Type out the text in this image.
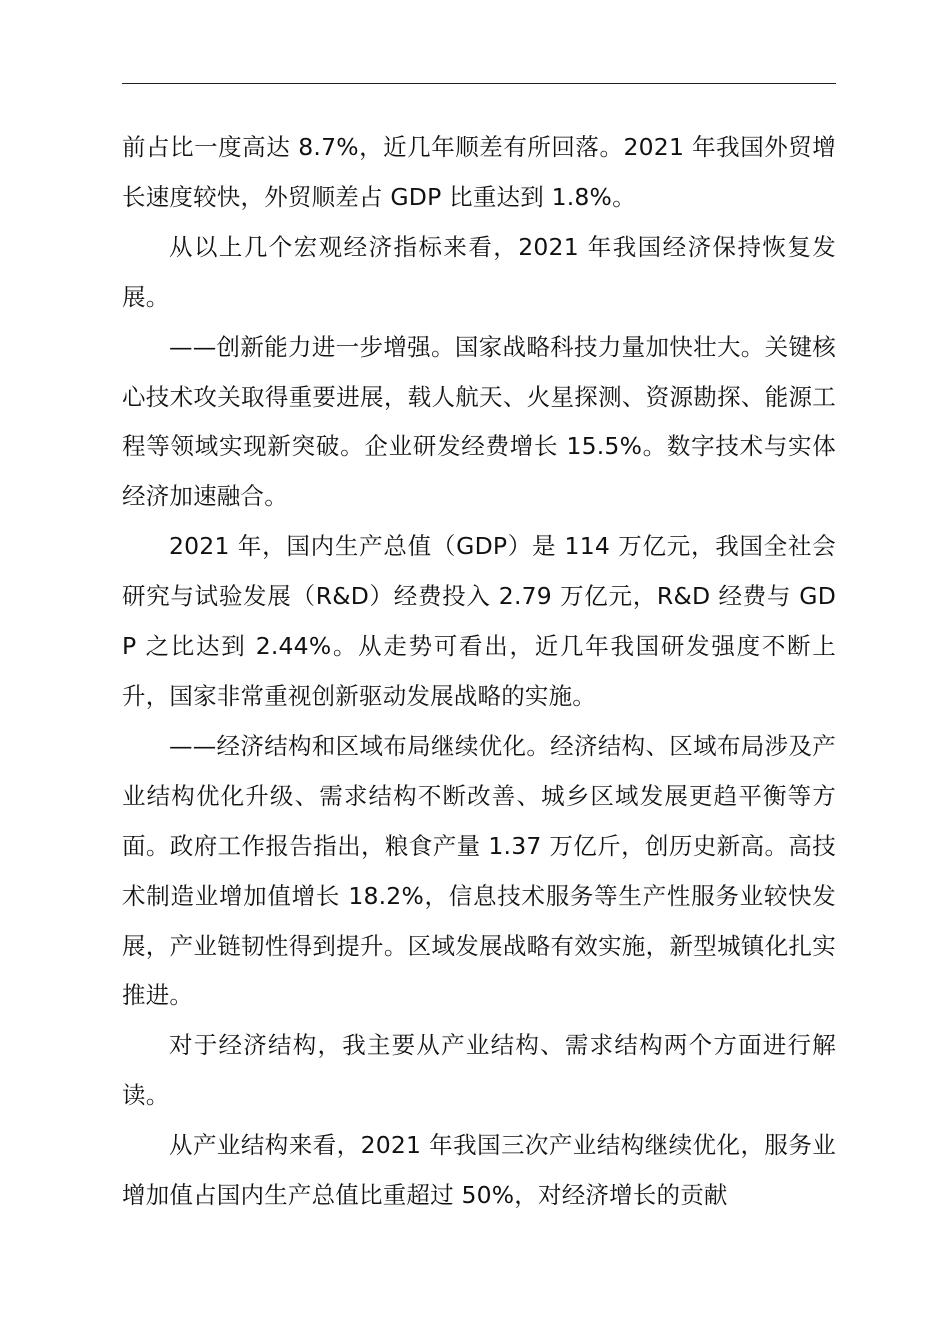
前占比一度高达 8.7%，近几年顺差有所回落。2021 年我国外贸增长速度较快，外贸顺差占 GDP 比重达到 1.8%。

从以上几个宏观经济指标来看，2021 年我国经济保持恢复发展。

——创新能力进一步增强。国家战略科技力量加快壮大。关键核心技术攻关取得重要进展，载人航天、火星探测、资源勘探、能源工程等领域实现新突破。企业研发经费增长 15.5%。数字技术与实体经济加速融合。

2021 年，国内生产总值（GDP）是 114 万亿元，我国全社会研究与试验发展（R&D）经费投入 2.79 万亿元，R&D 经费与 GDP 之比达到 2.44%。从走势可看出，近几年我国研发强度不断上升，国家非常重视创新驱动发展战略的实施。

——经济结构和区域布局继续优化。经济结构、区域布局涉及产业结构优化升级、需求结构不断改善、城乡区域发展更趋平衡等方面。政府工作报告指出，粮食产量 1.37 万亿斤，创历史新高。高技术制造业增加值增长 18.2%，信息技术服务等生产性服务业较快发展，产业链韧性得到提升。区域发展战略有效实施，新型城镇化扎实推进。

对于经济结构，我主要从产业结构、需求结构两个方面进行解读。

从产业结构来看，2021 年我国三次产业结构继续优化，服务业增加值占国内生产总值比重超过 50%，对经济增长的贡献
